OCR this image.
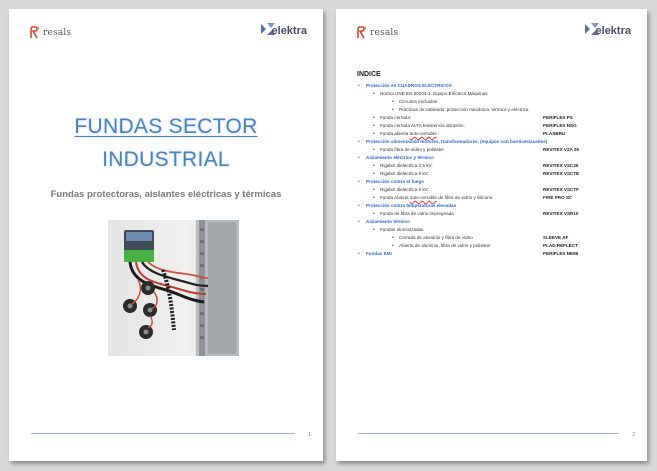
resals	elektra
FUNDAS SECTOR
INDUSTRIAL
Fundas protectoras, aislantes eléctricas y térmicas
1
resals	elektra
INDICE
• Protección en CUADROS ELECTRICOS
• Norma UNE EN 60204-1. Equipo Eléctrico Máquinas
• Circuitos excluidos
• Prácticas de cableado: protección mecánica, térmica y eléctrica
• Funda cerrada:	PERIFLEX PS
• Funda cerrada ALTA resistencia abrasión:	PERIFLEX NSG
• Funda abierta auto-cerrable :	PLASBRU
• Protección alimentación motores, transformadores, (equipos con barnices/aceites)
• Funda fibra de vidrio y poliéster	REVITEX V2A 25
• Aislamiento eléctrico y térmico
• Rigidez dieléctrica 2,5 kV:	REVITEX VSC25
• Rigidez dieléctrica 6 kV:	REVITEX VSCTE
• Protección contra el fuego
• Rigidez dieléctrica 6 kV:	REVITEX VSCTF
• Funda Abierta auto-cerrable de fibra de vidrio y silicona	FIRE PRO SC
• Protección contra temperaturas elevadas
• Funda de fibra de vidrio impregnada	REVITEX VSR10
• Aislamiento térmico
• Fundas aluminizadas
• Cerrada de aluminio y fibra de vidrio	SLEEVE AF
• Abierta de aluminio, fibra de vidrio y poliéster	PLAD REFLECT
• Fundas EMI	PERIFLEX NEMI
2
